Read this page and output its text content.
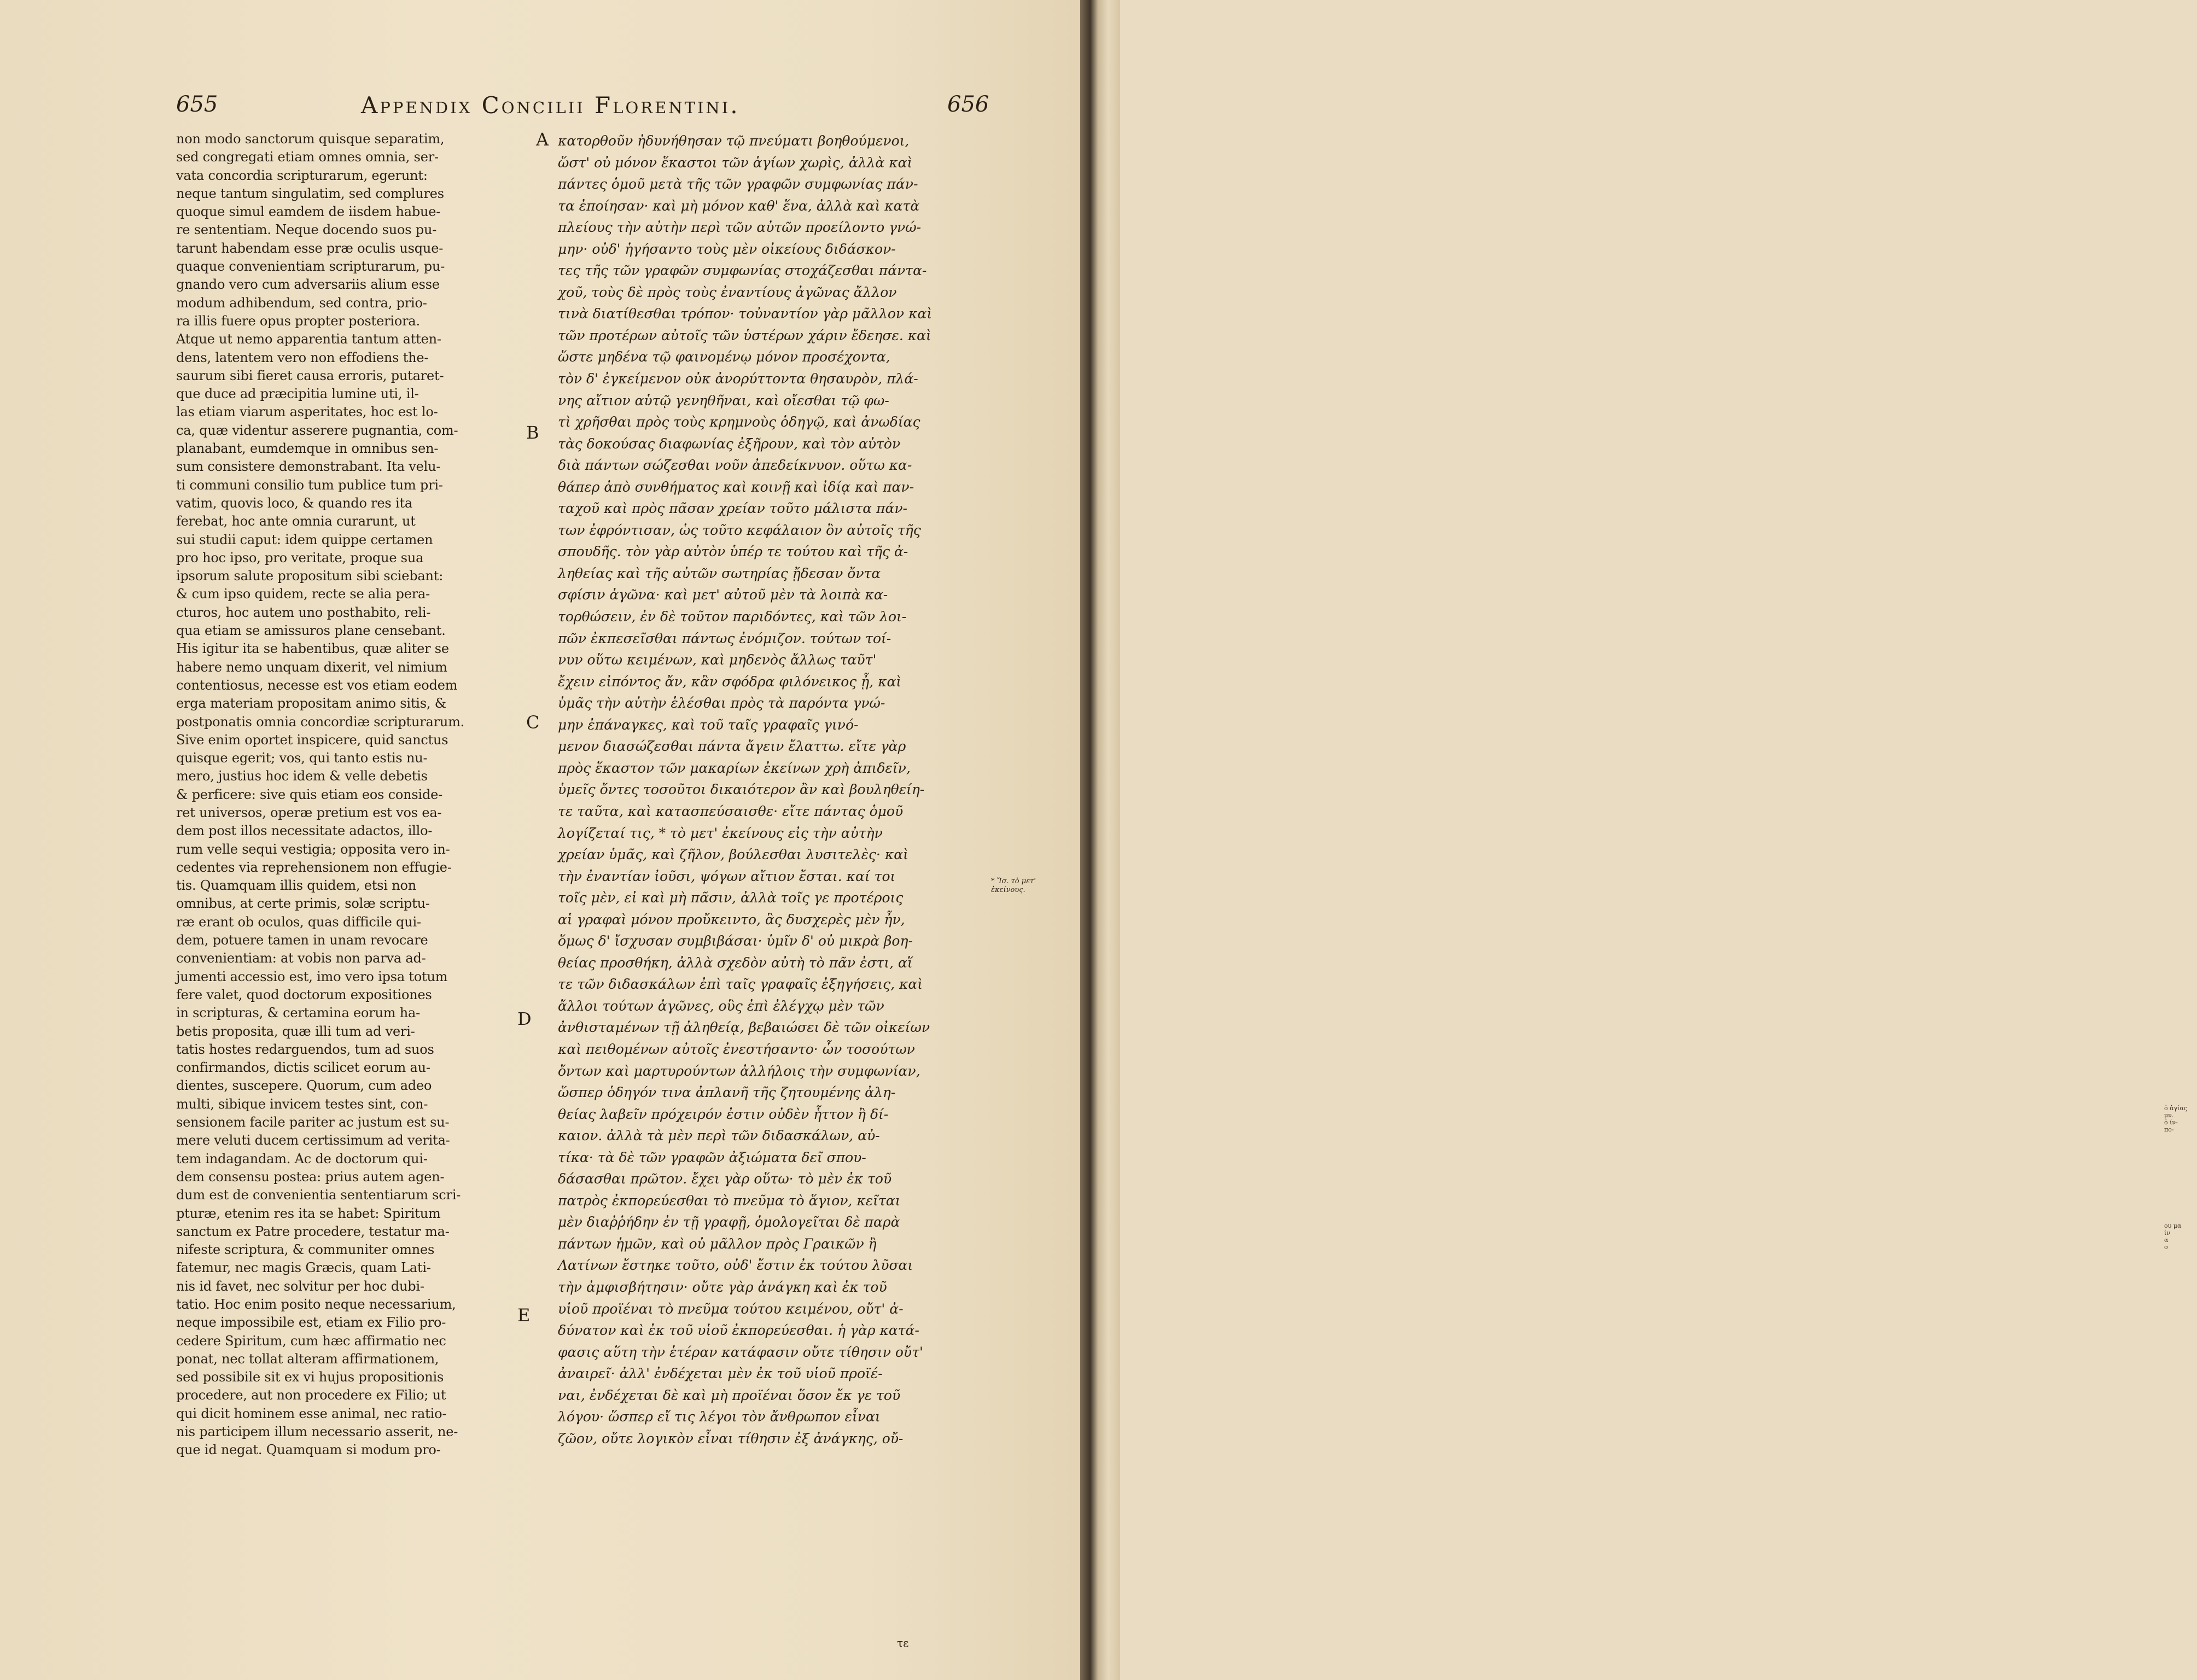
ὁ ἁγίας
μν.
ὁ ίν-
πο-
ου μα
ἰν
α
σ
655	Appendix Concilii Florentini.	656
non modo sanctorum quisque separatim,
sed congregati etiam omnes omnia, ser-
vata concordia scripturarum, egerunt:
neque tantum singulatim, sed complures
quoque simul eamdem de iisdem habue-
re sententiam. Neque docendo suos pu-
tarunt habendam esse præ oculis usque-
quaque convenientiam scripturarum, pu-
gnando vero cum adversariis alium esse
modum adhibendum, sed contra, prio-
ra illis fuere opus propter posteriora.
Atque ut nemo apparentia tantum atten-
dens, latentem vero non effodiens the-
saurum sibi fieret causa erroris, putaret-
que duce ad præcipitia lumine uti, il-
las etiam viarum asperitates, hoc est lo-
ca, quæ videntur asserere pugnantia, com-
planabant, eumdemque in omnibus sen-
sum consistere demonstrabant. Ita velu-
ti communi consilio tum publice tum pri-
vatim, quovis loco, & quando res ita
ferebat, hoc ante omnia curarunt, ut
sui studii caput: idem quippe certamen
pro hoc ipso, pro veritate, proque sua
ipsorum salute propositum sibi sciebant:
& cum ipso quidem, recte se alia pera-
cturos, hoc autem uno posthabito, reli-
qua etiam se amissuros plane censebant.
His igitur ita se habentibus, quæ aliter se
habere nemo unquam dixerit, vel nimium
contentiosus, necesse est vos etiam eodem
erga materiam propositam animo sitis, &
postponatis omnia concordiæ scripturarum.
Sive enim oportet inspicere, quid sanctus
quisque egerit; vos, qui tanto estis nu-
mero, justius hoc idem & velle debetis
& perficere: sive quis etiam eos conside-
ret universos, operæ pretium est vos ea-
dem post illos necessitate adactos, illo-
rum velle sequi vestigia; opposita vero in-
cedentes via reprehensionem non effugie-
tis. Quamquam illis quidem, etsi non
omnibus, at certe primis, solæ scriptu-
ræ erant ob oculos, quas difficile qui-
dem, potuere tamen in unam revocare
convenientiam: at vobis non parva ad-
jumenti accessio est, imo vero ipsa totum
fere valet, quod doctorum expositiones
in scripturas, & certamina eorum ha-
betis proposita, quæ illi tum ad veri-
tatis hostes redarguendos, tum ad suos
confirmandos, dictis scilicet eorum au-
dientes, suscepere. Quorum, cum adeo
multi, sibique invicem testes sint, con-
sensionem facile pariter ac justum est su-
mere veluti ducem certissimum ad verita-
tem indagandam. Ac de doctorum qui-
dem consensu postea: prius autem agen-
dum est de convenientia sententiarum scri-
pturæ, etenim res ita se habet: Spiritum
sanctum ex Patre procedere, testatur ma-
nifeste scriptura, & communiter omnes
fatemur, nec magis Græcis, quam Lati-
nis id favet, nec solvitur per hoc dubi-
tatio. Hoc enim posito neque necessarium,
neque impossibile est, etiam ex Filio pro-
cedere Spiritum, cum hæc affirmatio nec
ponat, nec tollat alteram affirmationem,
sed possibile sit ex vi hujus propositionis
procedere, aut non procedere ex Filio; ut
qui dicit hominem esse animal, nec ratio-
nis participem illum necessario asserit, ne-
que id negat. Quamquam si modum pro-
κατορθοῦν ἠδυνήθησαν τῷ πνεύματι βοηθούμενοι,
ὥστ' οὐ μόνον ἕκαστοι τῶν ἁγίων χωρὶς, ἀλλὰ καὶ
πάντες ὁμοῦ μετὰ τῆς τῶν γραφῶν συμφωνίας πάν-
τα ἐποίησαν· καὶ μὴ μόνον καθ' ἕνα, ἀλλὰ καὶ κατὰ
πλείους τὴν αὐτὴν περὶ τῶν αὐτῶν προείλοντο γνώ-
μην· οὐδ' ἡγήσαντο τοὺς μὲν οἰκείους διδάσκον-
τες τῆς τῶν γραφῶν συμφωνίας στοχάζεσθαι πάντα-
χοῦ, τοὺς δὲ πρὸς τοὺς ἐναντίους ἀγῶνας ἄλλον
τινὰ διατίθεσθαι τρόπον· τοὐναντίον γὰρ μᾶλλον καὶ
τῶν προτέρων αὐτοῖς τῶν ὑστέρων χάριν ἔδεησε. καὶ
ὥστε μηδένα τῷ φαινομένῳ μόνον προσέχοντα,
τὸν δ' ἐγκείμενον οὐκ ἀνορύττοντα θησαυρὸν, πλά-
νης αἴτιον αὑτῷ γενηθῆναι, καὶ οἴεσθαι τῷ φω-
τὶ χρῆσθαι πρὸς τοὺς κρημνοὺς ὁδηγῷ, καὶ ἀνωδίας
τὰς δοκούσας διαφωνίας ἐξῆρουν, καὶ τὸν αὐτὸν
διὰ πάντων σώζεσθαι νοῦν ἀπεδείκνυον. οὕτω κα-
θάπερ ἀπὸ συνθήματος καὶ κοινῇ καὶ ἰδίᾳ καὶ παν-
ταχοῦ καὶ πρὸς πᾶσαν χρείαν τοῦτο μάλιστα πάν-
των ἐφρόντισαν, ὡς τοῦτο κεφάλαιον ὂν αὐτοῖς τῆς
σπουδῆς. τὸν γὰρ αὐτὸν ὑπέρ τε τούτου καὶ τῆς ἀ-
ληθείας καὶ τῆς αὐτῶν σωτηρίας ᾔδεσαν ὄντα
σφίσιν ἀγῶνα· καὶ μετ' αὐτοῦ μὲν τὰ λοιπὰ κα-
τορθώσειν, ἐν δὲ τοῦτον παριδόντες, καὶ τῶν λοι-
πῶν ἐκπεσεῖσθαι πάντως ἐνόμιζον. τούτων τοί-
νυν οὕτω κειμένων, καὶ μηδενὸς ἄλλως ταῦτ'
ἔχειν εἰπόντος ἄν, κἂν σφόδρα φιλόνεικος ᾖ, καὶ
ὑμᾶς τὴν αὐτὴν ἑλέσθαι πρὸς τὰ παρόντα γνώ-
μην ἐπάναγκες, καὶ τοῦ ταῖς γραφαῖς γινό-
μενον διασώζεσθαι πάντα ἄγειν ἔλαττω. εἴτε γὰρ
πρὸς ἕκαστον τῶν μακαρίων ἐκείνων χρὴ ἀπιδεῖν,
ὑμεῖς ὄντες τοσοῦτοι δικαιότερον ἂν καὶ βουληθείη-
τε ταῦτα, καὶ κατασπεύσαισθε· εἴτε πάντας ὁμοῦ
λογίζεταί τις, * τὸ μετ' ἐκείνους εἰς τὴν αὐτὴν
χρείαν ὑμᾶς, καὶ ζῆλον, βούλεσθαι λυσιτελὲς· καὶ
τὴν ἐναντίαν ἰοῦσι, ψόγων αἴτιον ἔσται. καί τοι
τοῖς μὲν, εἰ καὶ μὴ πᾶσιν, ἀλλὰ τοῖς γε προτέροις
αἱ γραφαὶ μόνον προὔκειντο, ἃς δυσχερὲς μὲν ἦν,
ὅμως δ' ἴσχυσαν συμβιβάσαι· ὑμῖν δ' οὐ μικρὰ βοη-
θείας προσθήκη, ἀλλὰ σχεδὸν αὐτὴ τὸ πᾶν ἐστι, αἵ
τε τῶν διδασκάλων ἐπὶ ταῖς γραφαῖς ἐξηγήσεις, καὶ
ἄλλοι τούτων ἀγῶνες, οὓς ἐπὶ ἐλέγχῳ μὲν τῶν
ἀνθισταμένων τῇ ἀληθείᾳ, βεβαιώσει δὲ τῶν οἰκείων
καὶ πειθομένων αὐτοῖς ἐνεστήσαντο· ὧν τοσούτων
ὄντων καὶ μαρτυρούντων ἀλλήλοις τὴν συμφωνίαν,
ὥσπερ ὁδηγόν τινα ἀπλανῆ τῆς ζητουμένης ἀλη-
θείας λαβεῖν πρόχειρόν ἐστιν οὐδὲν ἧττον ἢ δί-
καιον. ἀλλὰ τὰ μὲν περὶ τῶν διδασκάλων, αὐ-
τίκα· τὰ δὲ τῶν γραφῶν ἀξιώματα δεῖ σπου-
δάσασθαι πρῶτον. ἔχει γὰρ οὕτω· τὸ μὲν ἐκ τοῦ
πατρὸς ἐκπορεύεσθαι τὸ πνεῦμα τὸ ἅγιον, κεῖται
μὲν διαῤῥήδην ἐν τῇ γραφῇ, ὁμολογεῖται δὲ παρὰ
πάντων ἡμῶν, καὶ οὐ μᾶλλον πρὸς Γραικῶν ἢ
Λατίνων ἔστηκε τοῦτο, οὐδ' ἔστιν ἐκ τούτου λῦσαι
τὴν ἀμφισβήτησιν· οὔτε γὰρ ἀνάγκη καὶ ἐκ τοῦ
υἱοῦ προϊέναι τὸ πνεῦμα τούτου κειμένου, οὔτ' ἀ-
δύνατον καὶ ἐκ τοῦ υἱοῦ ἐκπορεύεσθαι. ἡ γὰρ κατά-
φασις αὕτη τὴν ἑτέραν κατάφασιν οὔτε τίθησιν οὔτ'
ἀναιρεῖ· ἀλλ' ἐνδέχεται μὲν ἐκ τοῦ υἱοῦ προϊέ-
ναι, ἐνδέχεται δὲ καὶ μὴ προϊέναι ὅσον ἔκ γε τοῦ
λόγου· ὥσπερ εἴ τις λέγοι τὸν ἄνθρωπον εἶναι
ζῶον, οὔτε λογικὸν εἶναι τίθησιν ἐξ ἀνάγκης, οὔ-
A
B
C
D
E
* Ἴσ. τὸ μετ' ἐκείνους.
τε
